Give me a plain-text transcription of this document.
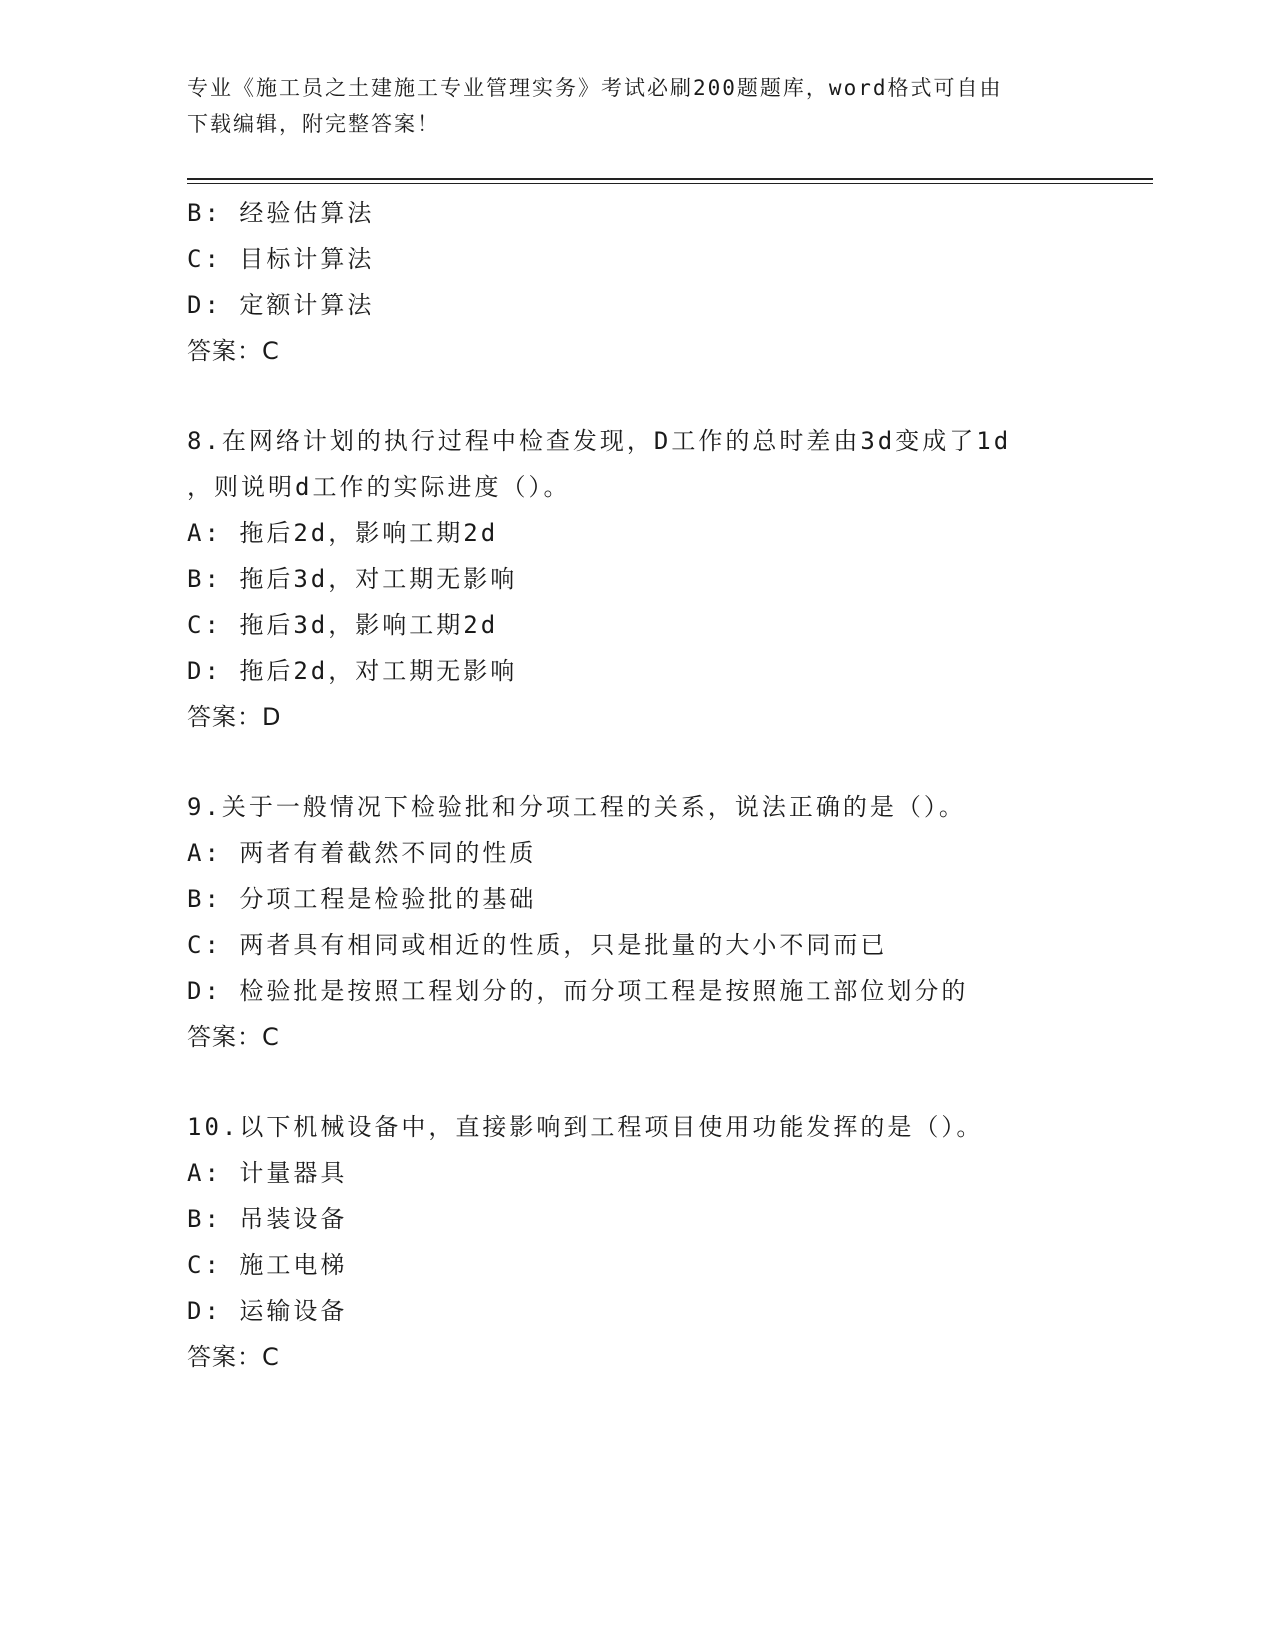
专业《施工员之土建施工专业管理实务》考试必刷200题题库，word格式可自由
下载编辑，附完整答案！
B: 经验估算法
C: 目标计算法
D: 定额计算法
答案：C
8.在网络计划的执行过程中检查发现，D工作的总时差由3d变成了1d
，则说明d工作的实际进度（）。
A: 拖后2d，影响工期2d
B: 拖后3d，对工期无影响
C: 拖后3d，影响工期2d
D: 拖后2d，对工期无影响
答案：D
9.关于一般情况下检验批和分项工程的关系，说法正确的是（）。
A: 两者有着截然不同的性质
B: 分项工程是检验批的基础
C: 两者具有相同或相近的性质，只是批量的大小不同而已
D: 检验批是按照工程划分的，而分项工程是按照施工部位划分的
答案：C
10.以下机械设备中，直接影响到工程项目使用功能发挥的是（）。
A: 计量器具
B: 吊装设备
C: 施工电梯
D: 运输设备
答案：C
